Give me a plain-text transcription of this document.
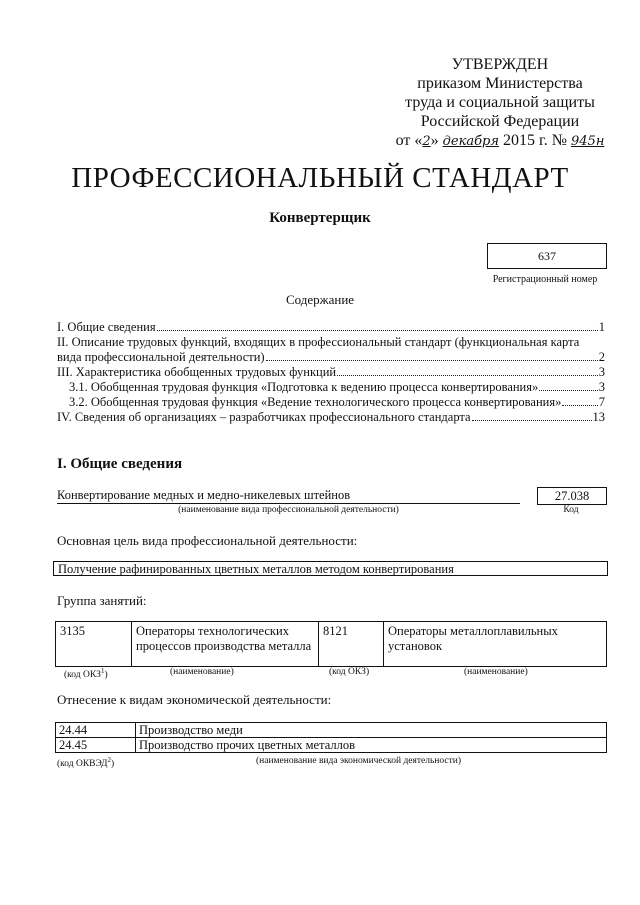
УТВЕРЖДЕН
приказом Министерства
труда и социальной защиты
Российской Федерации
от «2» декабря 2015 г. № 945н
ПРОФЕССИОНАЛЬНЫЙ СТАНДАРТ
Конвертерщик
637
Регистрационный номер
Содержание
I. Общие сведения	1
II. Описание трудовых функций, входящих в профессиональный стандарт (функциональная карта
вида профессиональной деятельности)	2
III. Характеристика обобщенных трудовых функций	3
3.1. Обобщенная трудовая функция «Подготовка к ведению процесса конвертирования»	3
3.2. Обобщенная трудовая функция «Ведение технологического процесса конвертирования»	7
IV. Сведения об организациях – разработчиках профессионального стандарта	13
I. Общие сведения
Конвертирование медных и медно-никелевых штейнов
(наименование вида профессиональной деятельности)
27.038
Код
Основная цель вида профессиональной деятельности:
Получение рафинированных цветных металлов методом конвертирования
Группа занятий:
3135	Операторы технологических процессов производства металла	8121	Операторы металлоплавильных установок
(код ОКЗ$^1$)	(наименование)	(код ОКЗ)	(наименование)
Отнесение к видам экономической деятельности:
24.44	Производство меди
24.45	Производство прочих цветных металлов
(код ОКВЭД$^2$)	(наименование вида экономической деятельности)
